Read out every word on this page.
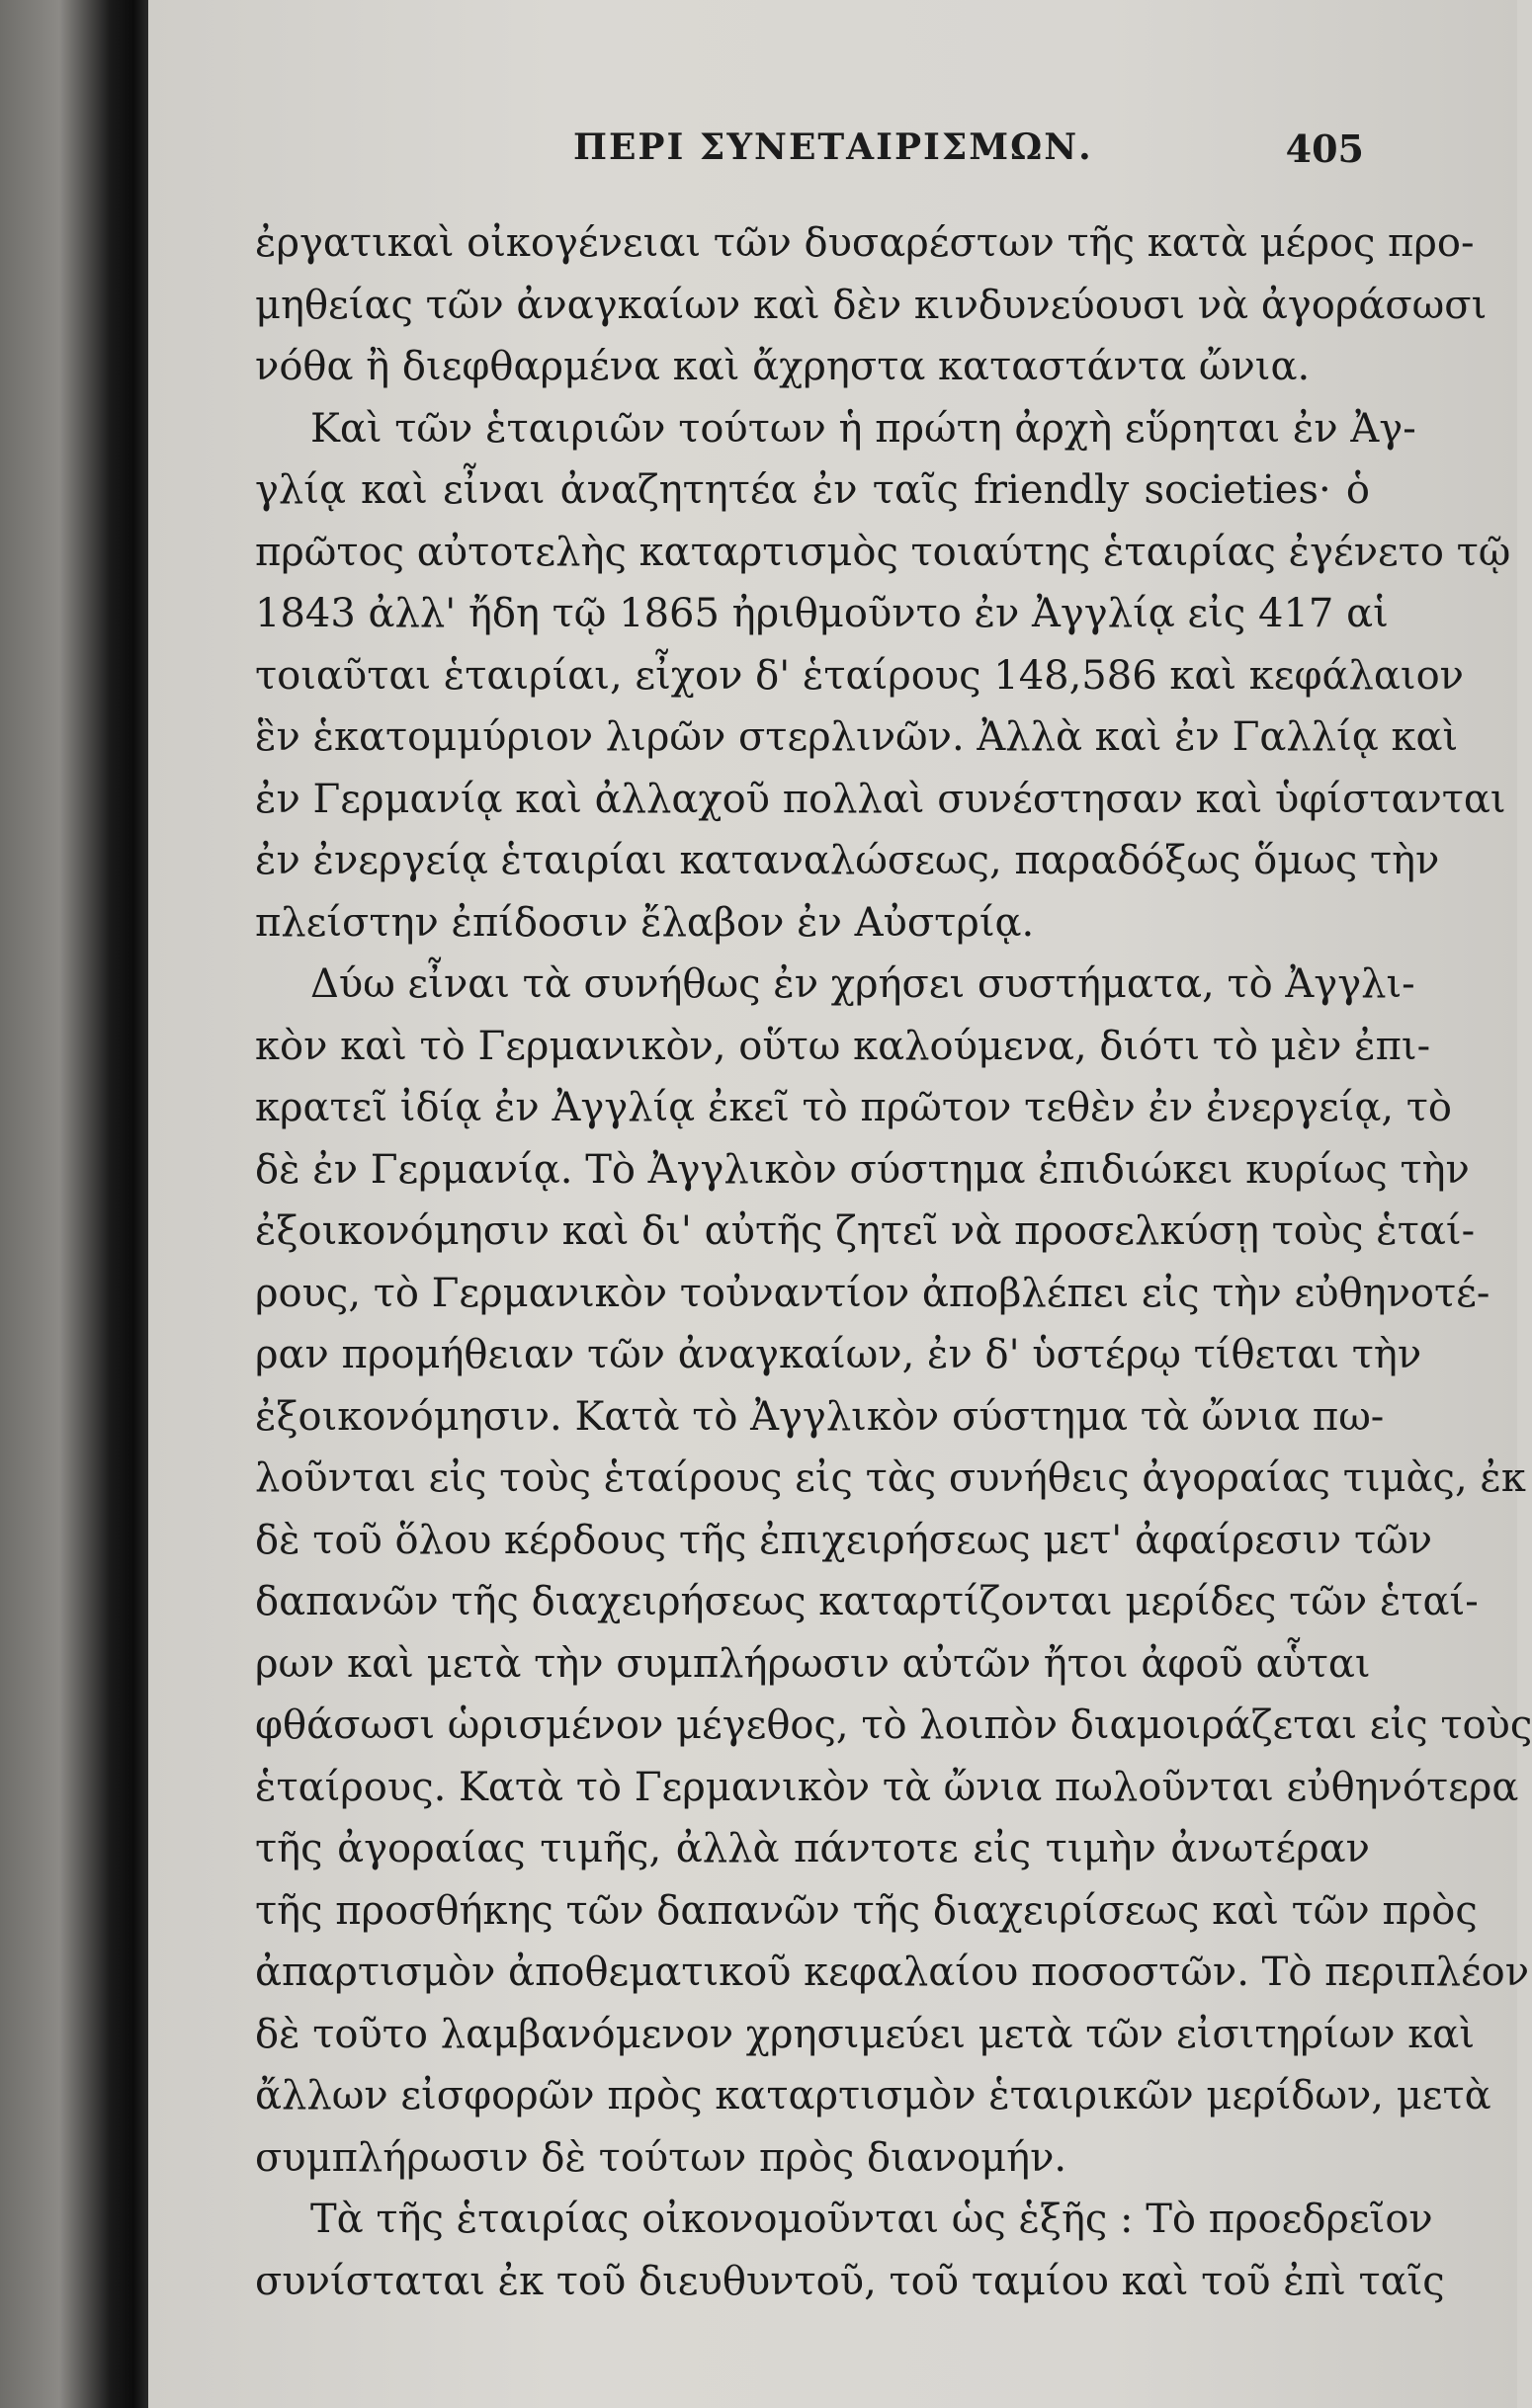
ΠΕΡΙ ΣΥΝΕΤΑΙΡΙΣΜΩΝ.	405
ἐργατικαὶ οἰκογένειαι τῶν δυσαρέστων τῆς κατὰ μέρος προ-
μηθείας τῶν ἀναγκαίων καὶ δὲν κινδυνεύουσι νὰ ἀγοράσωσι
νόθα ἢ διεφθαρμένα καὶ ἄχρηστα καταστάντα ὤνια.
Καὶ τῶν ἑταιριῶν τούτων ἡ πρώτη ἀρχὴ εὕρηται ἐν Ἀγ-
γλίᾳ καὶ εἶναι ἀναζητητέα ἐν ταῖς friendly societies· ὁ
πρῶτος αὐτοτελὴς καταρτισμὸς τοιαύτης ἑταιρίας ἐγένετο τῷ
1843 ἀλλ' ἤδη τῷ 1865 ἠριθμοῦντο ἐν Ἀγγλίᾳ εἰς 417 αἱ
τοιαῦται ἑταιρίαι, εἶχον δ' ἑταίρους 148,586 καὶ κεφάλαιον
ἓν ἑκατομμύριον λιρῶν στερλινῶν. Ἀλλὰ καὶ ἐν Γαλλίᾳ καὶ
ἐν Γερμανίᾳ καὶ ἀλλαχοῦ πολλαὶ συνέστησαν καὶ ὑφίστανται
ἐν ἐνεργείᾳ ἑταιρίαι καταναλώσεως, παραδόξως ὅμως τὴν
πλείστην ἐπίδοσιν ἔλαβον ἐν Αὐστρίᾳ.
Δύω εἶναι τὰ συνήθως ἐν χρήσει συστήματα, τὸ Ἀγγλι-
κὸν καὶ τὸ Γερμανικὸν, οὕτω καλούμενα, διότι τὸ μὲν ἐπι-
κρατεῖ ἰδίᾳ ἐν Ἀγγλίᾳ ἐκεῖ τὸ πρῶτον τεθὲν ἐν ἐνεργείᾳ, τὸ
δὲ ἐν Γερμανίᾳ. Τὸ Ἀγγλικὸν σύστημα ἐπιδιώκει κυρίως τὴν
ἐξοικονόμησιν καὶ δι' αὐτῆς ζητεῖ νὰ προσελκύσῃ τοὺς ἑταί-
ρους, τὸ Γερμανικὸν τοὐναντίον ἀποβλέπει εἰς τὴν εὐθηνοτέ-
ραν προμήθειαν τῶν ἀναγκαίων, ἐν δ' ὑστέρῳ τίθεται τὴν
ἐξοικονόμησιν. Κατὰ τὸ Ἀγγλικὸν σύστημα τὰ ὤνια πω-
λοῦνται εἰς τοὺς ἑταίρους εἰς τὰς συνήθεις ἀγοραίας τιμὰς, ἐκ
δὲ τοῦ ὅλου κέρδους τῆς ἐπιχειρήσεως μετ' ἀφαίρεσιν τῶν
δαπανῶν τῆς διαχειρήσεως καταρτίζονται μερίδες τῶν ἑταί-
ρων καὶ μετὰ τὴν συμπλήρωσιν αὐτῶν ἤτοι ἀφοῦ αὗται
φθάσωσι ὡρισμένον μέγεθος, τὸ λοιπὸν διαμοιράζεται εἰς τοὺς
ἑταίρους. Κατὰ τὸ Γερμανικὸν τὰ ὤνια πωλοῦνται εὐθηνότερα
τῆς ἀγοραίας τιμῆς, ἀλλὰ πάντοτε εἰς τιμὴν ἀνωτέραν
τῆς προσθήκης τῶν δαπανῶν τῆς διαχειρίσεως καὶ τῶν πρὸς
ἀπαρτισμὸν ἀποθεματικοῦ κεφαλαίου ποσοστῶν. Τὸ περιπλέον
δὲ τοῦτο λαμβανόμενον χρησιμεύει μετὰ τῶν εἰσιτηρίων καὶ
ἄλλων εἰσφορῶν πρὸς καταρτισμὸν ἑταιρικῶν μερίδων, μετὰ
συμπλήρωσιν δὲ τούτων πρὸς διανομήν.
Τὰ τῆς ἑταιρίας οἰκονομοῦνται ὡς ἑξῆς : Τὸ προεδρεῖον
συνίσταται ἐκ τοῦ διευθυντοῦ, τοῦ ταμίου καὶ τοῦ ἐπὶ ταῖς
